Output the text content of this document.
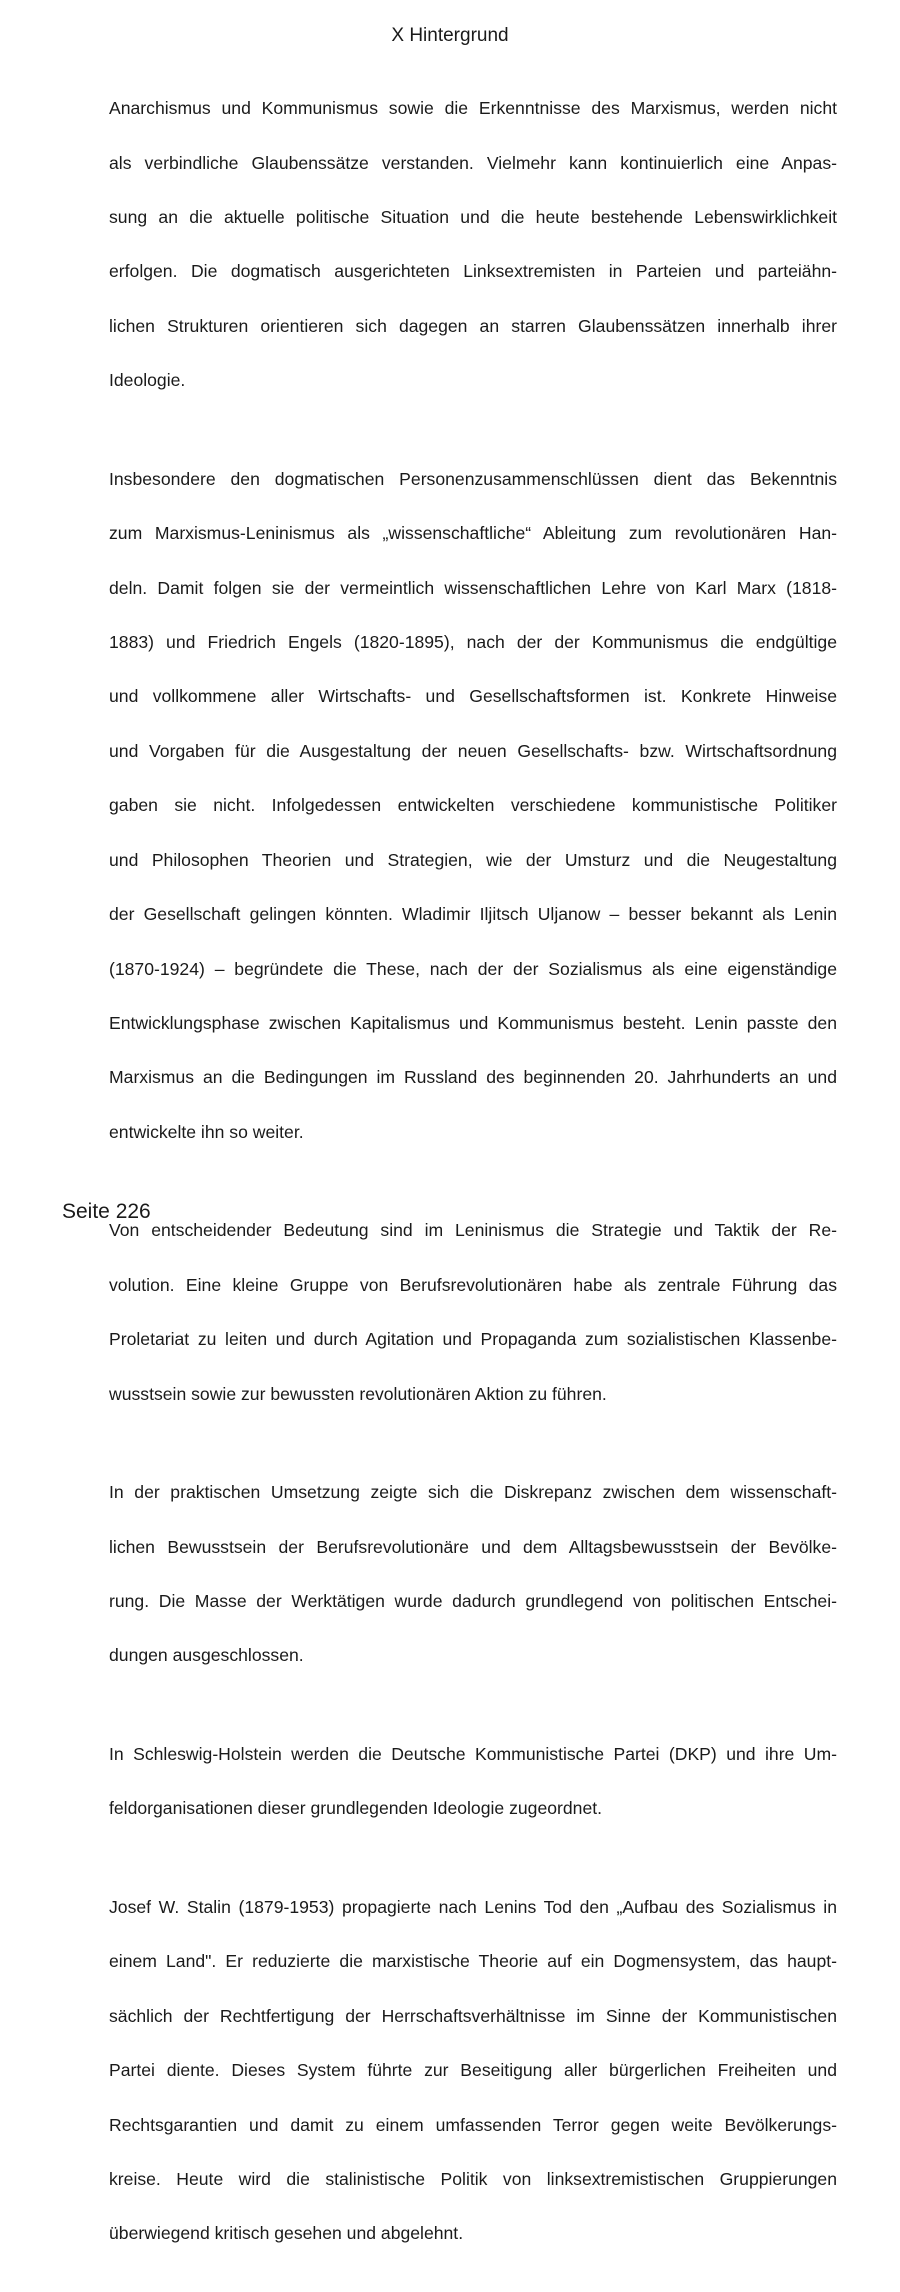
X Hintergrund

Anarchismus und Kommunismus sowie die Erkenntnisse des Marxismus, werden nicht

als verbindliche Glaubenssätze verstanden. Vielmehr kann kontinuierlich eine Anpas-

sung an die aktuelle politische Situation und die heute bestehende Lebenswirklichkeit

erfolgen. Die dogmatisch ausgerichteten Linksextremisten in Parteien und parteiähn-

lichen Strukturen orientieren sich dagegen an starren Glaubenssätzen innerhalb ihrer

Ideologie.

Insbesondere den dogmatischen Personenzusammenschlüssen dient das Bekenntnis

zum Marxismus-Leninismus als „wissenschaftliche“ Ableitung zum revolutionären Han-

deln. Damit folgen sie der vermeintlich wissenschaftlichen Lehre von Karl Marx (1818-

1883) und Friedrich Engels (1820-1895), nach der der Kommunismus die endgültige

und vollkommene aller Wirtschafts- und Gesellschaftsformen ist. Konkrete Hinweise

und Vorgaben für die Ausgestaltung der neuen Gesellschafts- bzw. Wirtschaftsordnung

gaben sie nicht. Infolgedessen entwickelten verschiedene kommunistische Politiker

und Philosophen Theorien und Strategien, wie der Umsturz und die Neugestaltung

der Gesellschaft gelingen könnten. Wladimir Iljitsch Uljanow – besser bekannt als Lenin

(1870-1924) – begründete die These, nach der der Sozialismus als eine eigenständige

Entwicklungsphase zwischen Kapitalismus und Kommunismus besteht. Lenin passte den

Marxismus an die Bedingungen im Russland des beginnenden 20. Jahrhunderts an und

entwickelte ihn so weiter.

Von entscheidender Bedeutung sind im Leninismus die Strategie und Taktik der Re-

volution. Eine kleine Gruppe von Berufsrevolutionären habe als zentrale Führung das

Proletariat zu leiten und durch Agitation und Propaganda zum sozialistischen Klassenbe-

wusstsein sowie zur bewussten revolutionären Aktion zu führen.

In der praktischen Umsetzung zeigte sich die Diskrepanz zwischen dem wissenschaft-

lichen Bewusstsein der Berufsrevolutionäre und dem Alltagsbewusstsein der Bevölke-

rung. Die Masse der Werktätigen wurde dadurch grundlegend von politischen Entschei-

dungen ausgeschlossen.

In Schleswig-Holstein werden die Deutsche Kommunistische Partei (DKP) und ihre Um-

feldorganisationen dieser grundlegenden Ideologie zugeordnet.

Josef W. Stalin (1879-1953) propagierte nach Lenins Tod den „Aufbau des Sozialismus in

einem Land". Er reduzierte die marxistische Theorie auf ein Dogmensystem, das haupt-

sächlich der Rechtfertigung der Herrschaftsverhältnisse im Sinne der Kommunistischen

Partei diente. Dieses System führte zur Beseitigung aller bürgerlichen Freiheiten und

Rechtsgarantien und damit zu einem umfassenden Terror gegen weite Bevölkerungs-

kreise. Heute wird die stalinistische Politik von linksextremistischen Gruppierungen

überwiegend kritisch gesehen und abgelehnt.

Seite 226
